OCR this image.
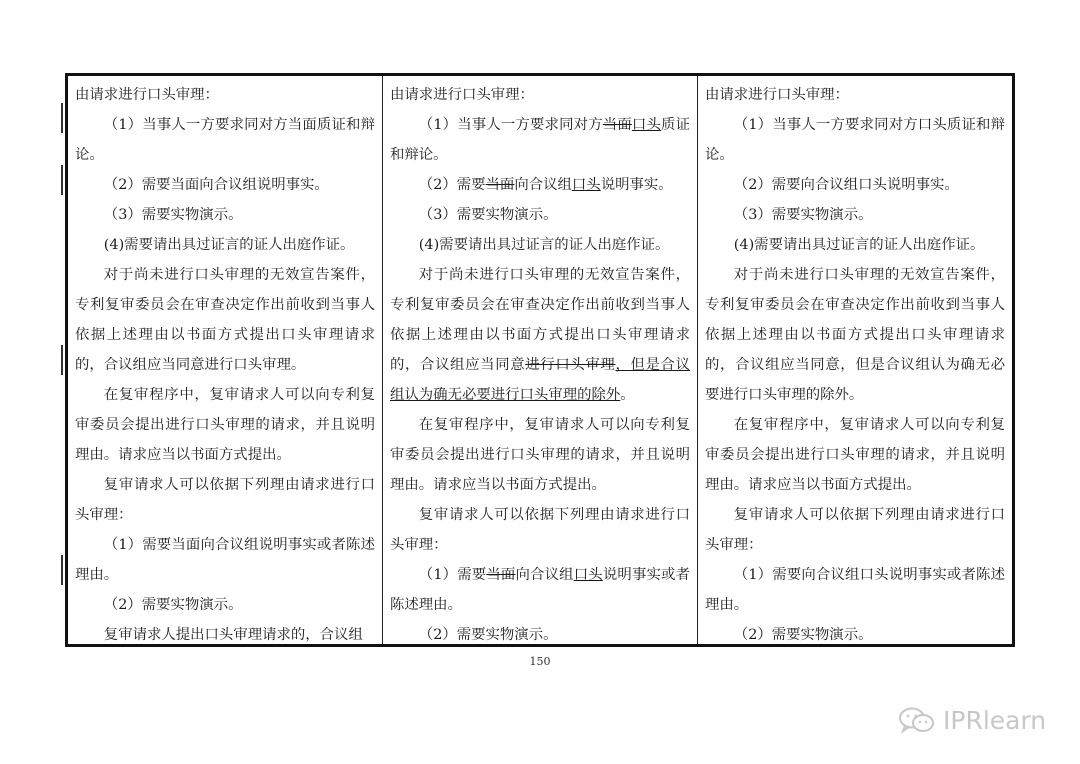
由请求进行口头审理：

（1）当事人一方要求同对方当面质证和辩论。

（2）需要当面向合议组说明事实。

（3）需要实物演示。

(4)需要请出具过证言的证人出庭作证。

对于尚未进行口头审理的无效宣告案件，专利复审委员会在审查决定作出前收到当事人依据上述理由以书面方式提出口头审理请求的，合议组应当同意进行口头审理。

在复审程序中，复审请求人可以向专利复审委员会提出进行口头审理的请求，并且说明理由。请求应当以书面方式提出。

复审请求人可以依据下列理由请求进行口头审理：

（1）需要当面向合议组说明事实或者陈述理由。

（2）需要实物演示。

复审请求人提出口头审理请求的，合议组

由请求进行口头审理：

（1）当事人一方要求同对方当面口头质证和辩论。

（2）需要当面向合议组口头说明事实。

（3）需要实物演示。

(4)需要请出具过证言的证人出庭作证。

对于尚未进行口头审理的无效宣告案件，专利复审委员会在审查决定作出前收到当事人依据上述理由以书面方式提出口头审理请求的，合议组应当同意进行口头审理，但是合议组认为确无必要进行口头审理的除外。

在复审程序中，复审请求人可以向专利复审委员会提出进行口头审理的请求，并且说明理由。请求应当以书面方式提出。

复审请求人可以依据下列理由请求进行口头审理：

（1）需要当面向合议组口头说明事实或者陈述理由。

（2）需要实物演示。

由请求进行口头审理：

（1）当事人一方要求同对方口头质证和辩论。

（2）需要向合议组口头说明事实。

（3）需要实物演示。

(4)需要请出具过证言的证人出庭作证。

对于尚未进行口头审理的无效宣告案件，专利复审委员会在审查决定作出前收到当事人依据上述理由以书面方式提出口头审理请求的，合议组应当同意，但是合议组认为确无必要进行口头审理的除外。

在复审程序中，复审请求人可以向专利复审委员会提出进行口头审理的请求，并且说明理由。请求应当以书面方式提出。

复审请求人可以依据下列理由请求进行口头审理：

（1）需要向合议组口头说明事实或者陈述理由。

（2）需要实物演示。

150
IPRlearn
